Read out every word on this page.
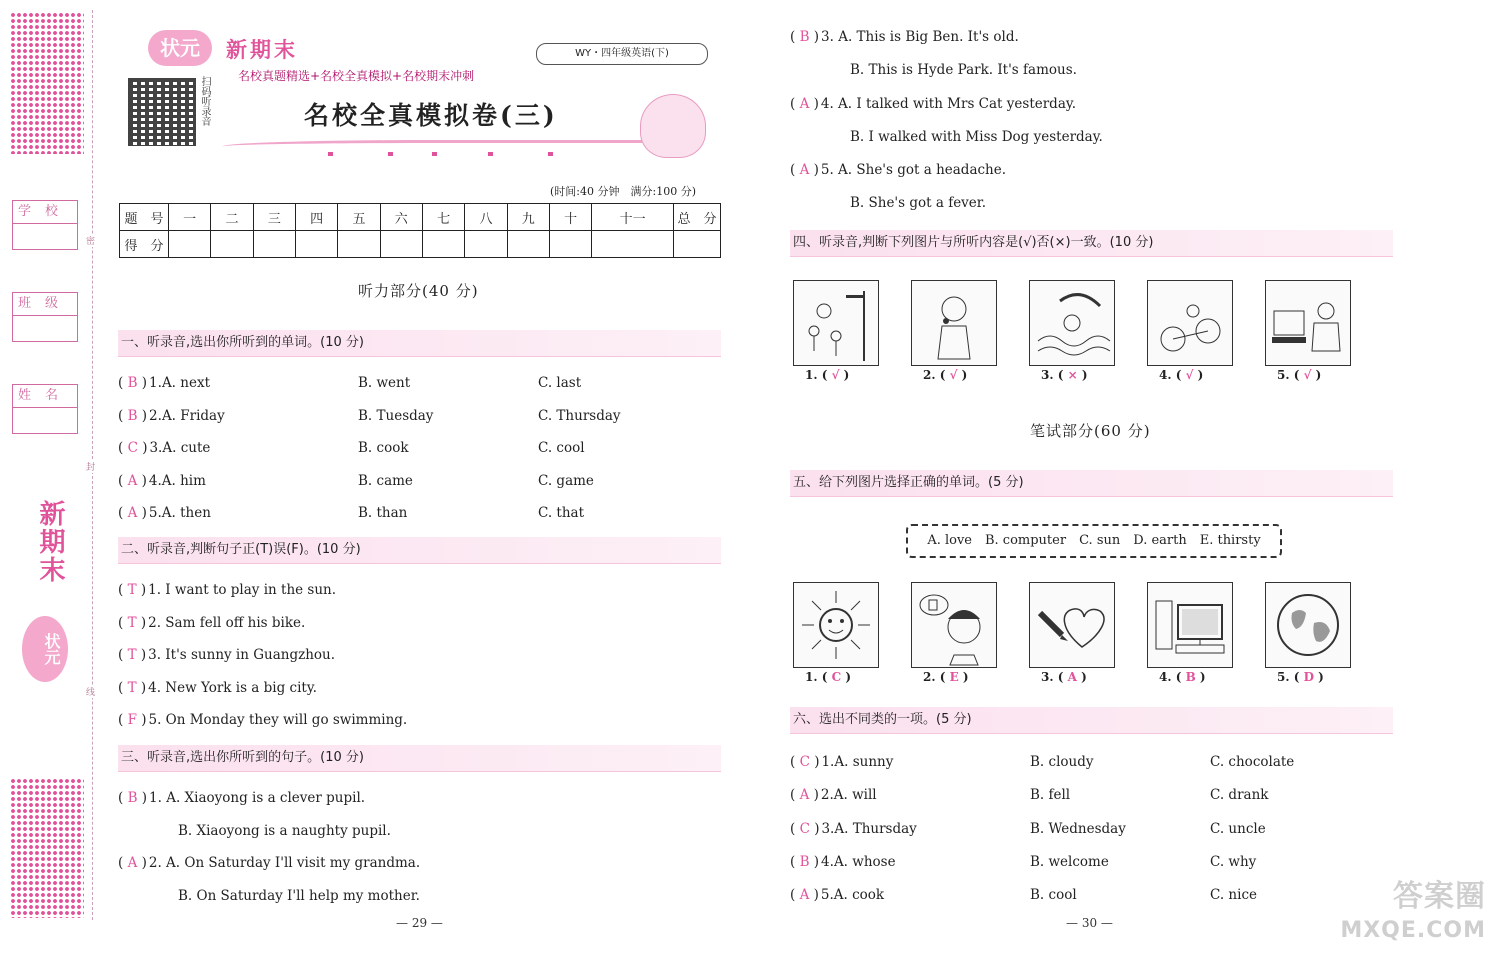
密
封
线
学校
班级
姓名
新期末
状元
状元	新期末
名校真题精选+名校全真模拟+名校期末冲刺
WY・四年级英语(下)
扫码听录音	名校全真模拟卷(三)
(时间:40 分钟　满分:100 分)
题　号	一	二	三	四	五	六	七	八	九	十	十一	总　分
得　分												
听力部分(40 分)
一、听录音,选出你所听到的单词。(10 分)
( B ) 1.A. next	B. went	C. last
( B ) 2.A. Friday	B. Tuesday	C. Thursday
( C ) 3.A. cute	B. cook	C. cool
( A ) 4.A. him	B. came	C. game
( A ) 5.A. then	B. than	C. that
二、听录音,判断句子正(T)误(F)。(10 分)
( T ) 1. I want to play in the sun.
( T ) 2. Sam fell off his bike.
( T ) 3. It's sunny in Guangzhou.
( T ) 4. New York is a big city.
( F ) 5. On Monday they will go swimming.
三、听录音,选出你所听到的句子。(10 分)
( B ) 1. A. Xiaoyong is a clever pupil.
B. Xiaoyong is a naughty pupil.
( A ) 2. A. On Saturday I'll visit my grandma.
B. On Saturday I'll help my mother.
( B ) 3. A. This is Big Ben. It's old.
B. This is Hyde Park. It's famous.
( A ) 4. A. I talked with Mrs Cat yesterday.
B. I walked with Miss Dog yesterday.
( A ) 5. A. She's got a headache.
B. She's got a fever.
— 29 —
四、听录音,判断下列图片与所听内容是(√)否(×)一致。(10 分)
1. ( √ )	2. ( √ )	3. ( × )	4. ( √ )	5. ( √ )
笔试部分(60 分)
五、给下列图片选择正确的单词。(5 分)
A. love　B. computer　C. sun　D. earth　E. thirsty
1. ( C )	2. ( E )	3. ( A )	4. ( B )	5. ( D )
六、选出不同类的一项。(5 分)
( C ) 1.A. sunny	B. cloudy	C. chocolate
( A ) 2.A. will	B. fell	C. drank
( C ) 3.A. Thursday	B. Wednesday	C. uncle
( B ) 4.A. whose	B. welcome	C. why
( A ) 5.A. cook	B. cool	C. nice
— 30 —
答案圈
MXQE.COM
